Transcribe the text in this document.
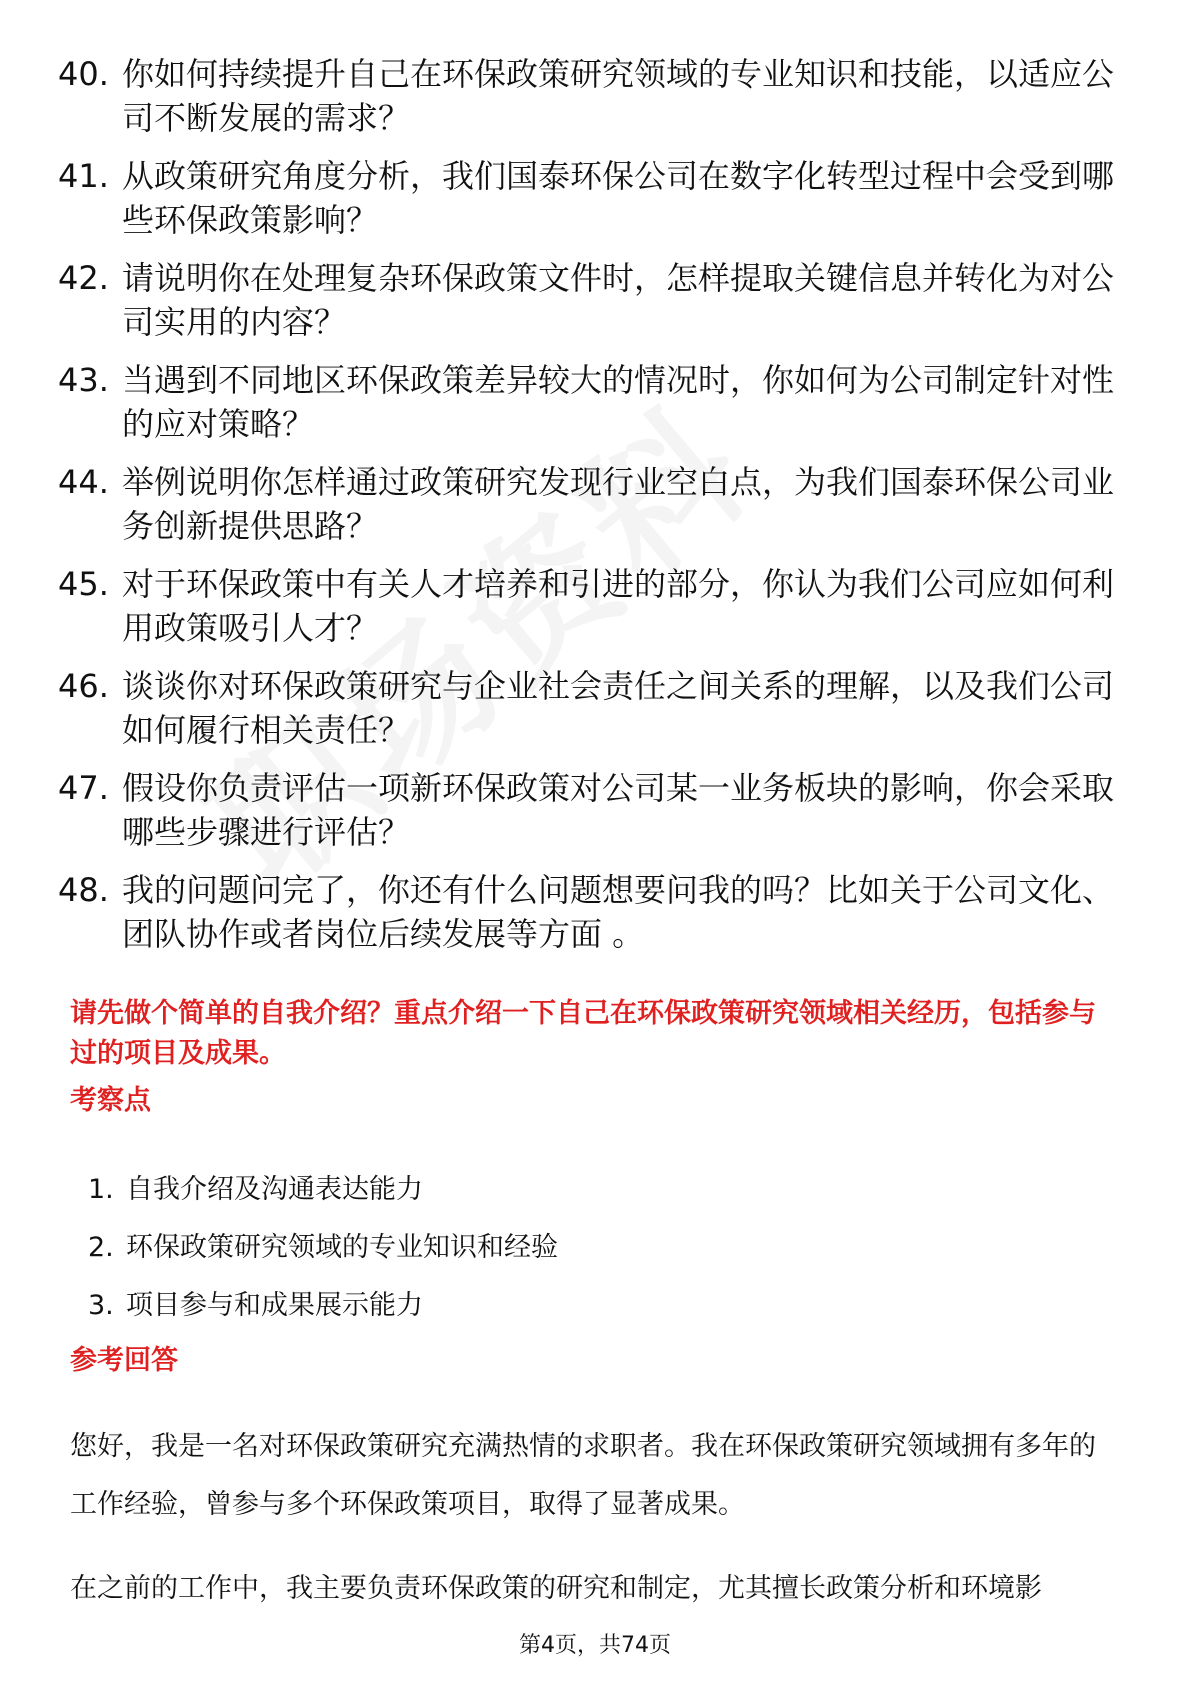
40. 你如何持续提升自己在环保政策研究领域的专业知识和技能，以适应公司不断发展的需求？
41. 从政策研究角度分析，我们国泰环保公司在数字化转型过程中会受到哪些环保政策影响？
42. 请说明你在处理复杂环保政策文件时，怎样提取关键信息并转化为对公司实用的内容？
43. 当遇到不同地区环保政策差异较大的情况时，你如何为公司制定针对性的应对策略？
44. 举例说明你怎样通过政策研究发现行业空白点，为我们国泰环保公司业务创新提供思路？
45. 对于环保政策中有关人才培养和引进的部分，你认为我们公司应如何利用政策吸引人才？
46. 谈谈你对环保政策研究与企业社会责任之间关系的理解，以及我们公司如何履行相关责任？
47. 假设你负责评估一项新环保政策对公司某一业务板块的影响，你会采取哪些步骤进行评估？
48. 我的问题问完了，你还有什么问题想要问我的吗？比如关于公司文化、团队协作或者岗位后续发展等方面 。
请先做个简单的自我介绍？重点介绍一下自己在环保政策研究领域相关经历，包括参与过的项目及成果。
考察点
1. 自我介绍及沟通表达能力
2. 环保政策研究领域的专业知识和经验
3. 项目参与和成果展示能力
参考回答
您好，我是一名对环保政策研究充满热情的求职者。我在环保政策研究领域拥有多年的工作经验，曾参与多个环保政策项目，取得了显著成果。
在之前的工作中，我主要负责环保政策的研究和制定，尤其擅长政策分析和环境影
第4页，共74页
